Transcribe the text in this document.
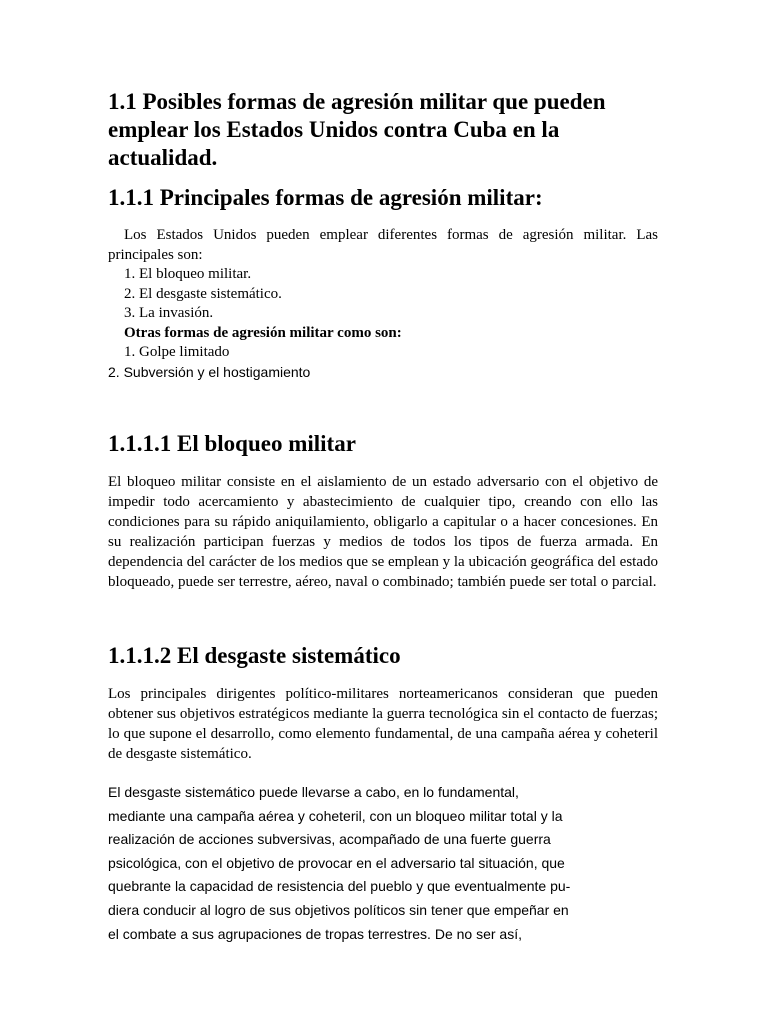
1.1 Posibles formas de agresión militar que pueden emplear los Estados Unidos contra Cuba en la actualidad.
1.1.1 Principales formas de agresión militar:

Los Estados Unidos pueden emplear diferentes formas de agresión militar. Las principales son:

1. El bloqueo militar.
2. El desgaste sistemático.
3. La invasión.
Otras formas de agresión militar como son:
1. Golpe limitado
2. Subversión y el hostigamiento
1.1.1.1 El bloqueo militar

El bloqueo militar consiste en el aislamiento de un estado adversario con el objetivo de impedir todo acercamiento y abastecimiento de cualquier tipo, creando con ello las condiciones para su rápido aniquilamiento, obligarlo a capitular o a hacer concesiones. En su realización participan fuerzas y medios de todos los tipos de fuerza armada. En dependencia del carácter de los medios que se emplean y la ubicación geográfica del estado bloqueado, puede ser terrestre, aéreo, naval o combinado; también puede ser total o parcial.

1.1.1.2 El desgaste sistemático

Los principales dirigentes político-militares norteamericanos consideran que pueden obtener sus objetivos estratégicos mediante la guerra tecnológica sin el contacto de fuerzas; lo que supone el desarrollo, como elemento fundamental, de una campaña aérea y coheteril de desgaste sistemático.

El desgaste sistemático puede llevarse a cabo, en lo fundamental,
mediante una campaña aérea y coheteril, con un bloqueo militar total y la
realización de acciones subversivas, acompañado de una fuerte guerra
psicológica, con el objetivo de provocar en el adversario tal situación, que
quebrante la capacidad de resistencia del pueblo y que eventualmente pu-
diera conducir al logro de sus objetivos políticos sin tener que empeñar en
el combate a sus agrupaciones de tropas terrestres. De no ser así,
